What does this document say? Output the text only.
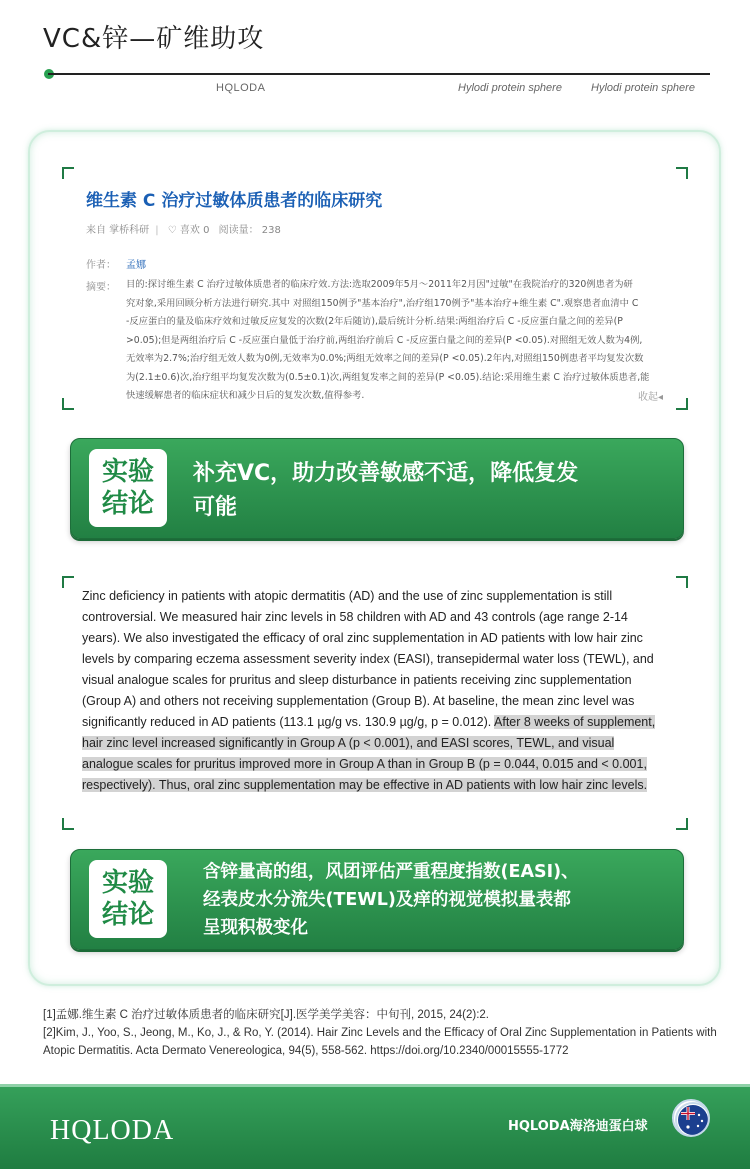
VC&锌—矿维助攻
HQLODA	Hylodi protein sphere	Hylodi protein sphere
维生素 C 治疗过敏体质患者的临床研究
来自 掌桥科研 | ♡ 喜欢 0 阅读量： 238
作者： 孟娜
摘要： 目的:探讨维生素 C 治疗过敏体质患者的临床疗效.方法:选取2009年5月～2011年2月因"过敏"在我院治疗的320例患者为研
究对象,采用回顾分析方法进行研究.其中 对照组150例予"基本治疗",治疗组170例予"基本治疗+维生素 C".观察患者血清中 C
-反应蛋白的量及临床疗效和过敏反应复发的次数(2年后随访),最后统计分析.结果:两组治疗后 C -反应蛋白量之间的差异(P
>0.05);但是两组治疗后 C -反应蛋白量低于治疗前,两组治疗前后 C -反应蛋白量之间的差异(P <0.05).对照组无效人数为4例,
无效率为2.7%;治疗组无效人数为0例,无效率为0.0%;两组无效率之间的差异(P <0.05).2年内,对照组150例患者平均复发次数
为(2.1±0.6)次,治疗组平均复发次数为(0.5±0.1)次,两组复发率之间的差异(P <0.05).结论:采用维生素 C 治疗过敏体质患者,能
快速缓解患者的临床症状和减少日后的复发次数,值得参考.	收起◂
实验
结论
补充VC，助力改善敏感不适，降低复发
可能
Zinc deficiency in patients with atopic dermatitis (AD) and the use of zinc supplementation is still controversial. We measured hair zinc levels in 58 children with AD and 43 controls (age range 2-14 years). We also investigated the efficacy of oral zinc supplementation in AD patients with low hair zinc levels by comparing eczema assessment severity index (EASI), transepidermal water loss (TEWL), and visual analogue scales for pruritus and sleep disturbance in patients receiving zinc supplementation (Group A) and others not receiving supplementation (Group B). At baseline, the mean zinc level was significantly reduced in AD patients (113.1 µg/g vs. 130.9 µg/g, p = 0.012). After 8 weeks of supplement, hair zinc level increased significantly in Group A (p < 0.001), and EASI scores, TEWL, and visual analogue scales for pruritus improved more in Group A than in Group B (p = 0.044, 0.015 and < 0.001, respectively). Thus, oral zinc supplementation may be effective in AD patients with low hair zinc levels.
实验
结论
含锌量高的组，风团评估严重程度指数(EASI)、
经表皮水分流失(TEWL)及痒的视觉模拟量表都
呈现积极变化
[1]孟娜.维生素 C 治疗过敏体质患者的临床研究[J].医学美学美容：中旬刊, 2015, 24(2):2.
[2]Kim, J., Yoo, S., Jeong, M., Ko, J., & Ro, Y. (2014). Hair Zinc Levels and the Efficacy of Oral Zinc Supplementation in Patients with Atopic Dermatitis. Acta Dermato Venereologica, 94(5), 558-562. https://doi.org/10.2340/00015555-1772
HQLODA	HQLODA海洛迪蛋白球
